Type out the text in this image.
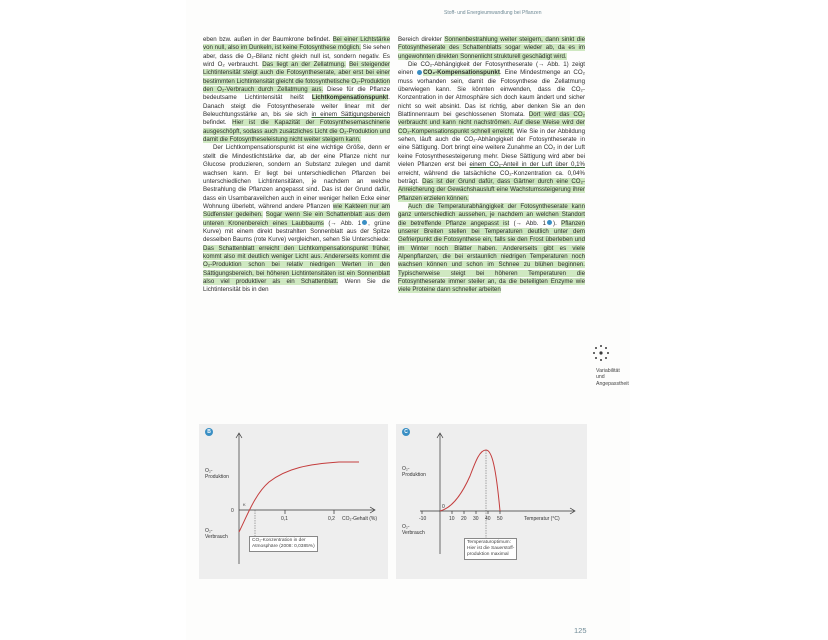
Stoff- und Energieumwandlung bei Pflanzen

eben bzw. außen in der Baumkrone befindet. Bei einer Lichtstärke von null, also im Dunkeln, ist keine Fotosynthese möglich. Sie sehen aber, dass die O₂-Bilanz nicht gleich null ist, sondern negativ. Es wird O₂ verbraucht. Das liegt an der Zellatmung. Bei steigender Lichtintensität steigt auch die Fotosyntheserate, aber erst bei einer bestimmten Lichtintensität gleicht die fotosynthetische O₂-Produktion den O₂-Verbrauch durch Zellatmung aus. Diese für die Pflanze bedeutsame Lichtintensität heißt Lichtkompensationspunkt. Danach steigt die Fotosyntheserate weiter linear mit der Beleuchtungsstärke an, bis sie sich in einem Sättigungsbereich befindet. Hier ist die Kapazität der Fotosynthesemaschinerie ausgeschöpft, sodass auch zusätzliches Licht die O₂-Produktion und damit die Fotosyntheseleistung nicht weiter steigern kann.

Der Lichtkompensationspunkt ist eine wichtige Größe, denn er stellt die Mindestlichtstärke dar, ab der eine Pflanze nicht nur Glucose produzieren, sondern an Substanz zulegen und damit wachsen kann. Er liegt bei unterschiedlichen Pflanzen bei unterschiedlichen Lichtintensitäten, je nachdem an welche Bestrahlung die Pflanzen angepasst sind. Das ist der Grund dafür, dass ein Usambaraveilchen auch in einer weniger hellen Ecke einer Wohnung überlebt, während andere Pflanzen wie Kakteen nur am Südfenster gedeihen. Sogar wenn Sie ein Schattenblatt aus dem unteren Kronenbereich eines Laubbaums (→ Abb. 1 , grüne Kurve) mit einem direkt bestrahlten Sonnenblatt aus der Spitze desselben Baums (rote Kurve) vergleichen, sehen Sie Unterschiede: Das Schattenblatt erreicht den Lichtkompensationspunkt früher, kommt also mit deutlich weniger Licht aus. Andererseits kommt die O₂-Produktion schon bei relativ niedrigen Werten in den Sättigungsbereich, bei höheren Lichtintensitäten ist ein Sonnenblatt also viel produktiver als ein Schattenblatt. Wenn Sie die Lichtintensität bis in den

Bereich direkter Sonnenbestrahlung weiter steigern, dann sinkt die Fotosyntheserate des Schattenblatts sogar wieder ab, da es im ungewohnten direkten Sonnenlicht strukturell geschädigt wird.

Die CO₂-Abhängigkeit der Fotosyntheserate (→ Abb. 1) zeigt einen CO₂-Kompensationspunkt. Eine Mindestmenge an CO₂ muss vorhanden sein, damit die Fotosynthese die Zellatmung überwiegen kann. Sie könnten einwenden, dass die CO₂-Konzentration in der Atmosphäre sich doch kaum ändert und sicher nicht so weit absinkt. Das ist richtig, aber denken Sie an den Blattinnenraum bei geschlossenen Stomata. Dort wird das CO₂ verbraucht und kann nicht nachströmen. Auf diese Weise wird der CO₂-Kompensationspunkt schnell erreicht. Wie Sie in der Abbildung sehen, läuft auch die CO₂-Abhängigkeit der Fotosyntheserate in eine Sättigung. Dort bringt eine weitere Zunahme an CO₂ in der Luft keine Fotosynthesesteigerung mehr. Diese Sättigung wird aber bei vielen Pflanzen erst bei einem CO₂-Anteil in der Luft über 0,1% erreicht, während die tatsächliche CO₂-Konzentration ca. 0,04% beträgt. Das ist der Grund dafür, dass Gärtner durch eine CO₂-Anreicherung der Gewächshausluft eine Wachstumssteigerung ihrer Pflanzen erzielen können.

Auch die Temperaturabhängigkeit der Fotosyntheserate kann ganz unterschiedlich aussehen, je nachdem an welchen Standort die betreffende Pflanze angepasst ist (→ Abb. 1 ). Pflanzen unserer Breiten stellen bei Temperaturen deutlich unter dem Gefrierpunkt die Fotosynthese ein, falls sie den Frost überleben und im Winter noch Blätter haben. Andererseits gibt es viele Alpenpflanzen, die bei erstaunlich niedrigen Temperaturen noch wachsen können und schon im Schnee zu blühen beginnen. Typischerweise steigt bei höheren Temperaturen die Fotosyntheserate immer steiler an, da die beteiligten Enzyme wie viele Proteine dann schneller arbeiten

Variabilität
und
Angepasstheit
B
O₂-
Produktion
O₂-
Verbrauch
0
0,1	0,2 CO₂-Gehalt (%)
K
CO₂-Konzentration in der
Atmosphäre (2008: 0,0385%)
C
O₂-
Produktion
O₂-
Verbrauch
0
-10	10 20 30 40 50	Temperatur (°C)
Temperaturoptimum:
Hier ist die Sauerstoff-
produktion maximal
125
